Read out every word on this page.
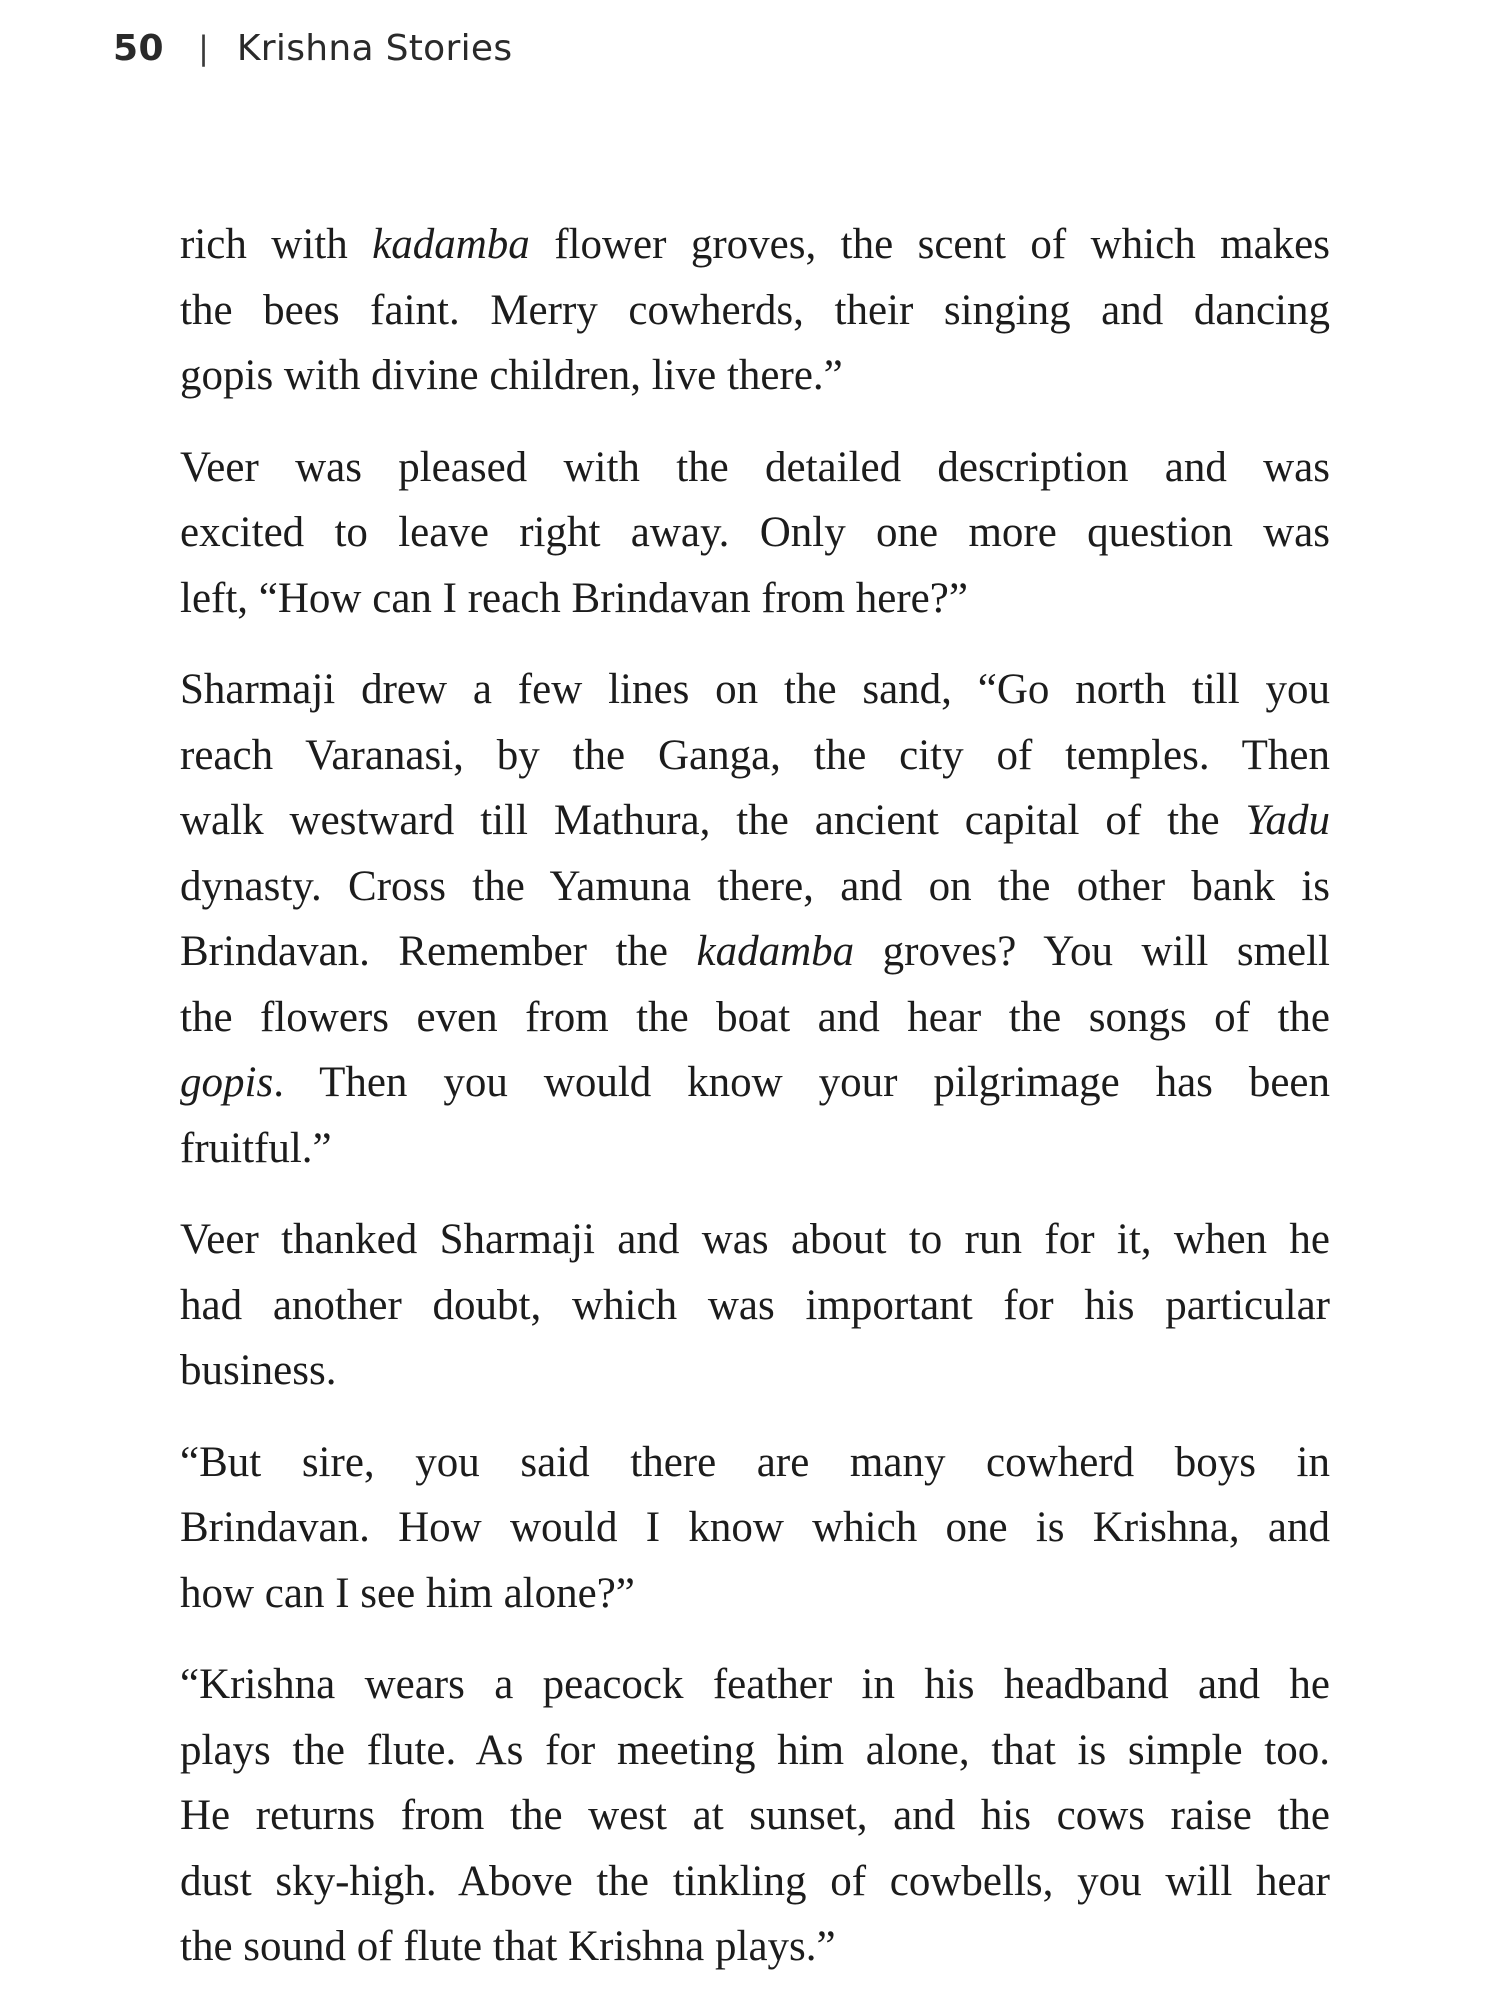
50 | Krishna Stories

rich with kadamba flower groves, the scent of which makes
the bees faint. Merry cowherds, their singing and dancing
gopis with divine children, live there.”

Veer was pleased with the detailed description and was
excited to leave right away. Only one more question was
left, “How can I reach Brindavan from here?”

Sharmaji drew a few lines on the sand, “Go north till you
reach Varanasi, by the Ganga, the city of temples. Then
walk westward till Mathura, the ancient capital of the Yadu
dynasty. Cross the Yamuna there, and on the other bank is
Brindavan. Remember the kadamba groves? You will smell
the flowers even from the boat and hear the songs of the
gopis. Then you would know your pilgrimage has been
fruitful.”

Veer thanked Sharmaji and was about to run for it, when he
had another doubt, which was important for his particular
business.

“But sire, you said there are many cowherd boys in
Brindavan. How would I know which one is Krishna, and
how can I see him alone?”

“Krishna wears a peacock feather in his headband and he
plays the flute. As for meeting him alone, that is simple too.
He returns from the west at sunset, and his cows raise the
dust sky-high. Above the tinkling of cowbells, you will hear
the sound of flute that Krishna plays.”
